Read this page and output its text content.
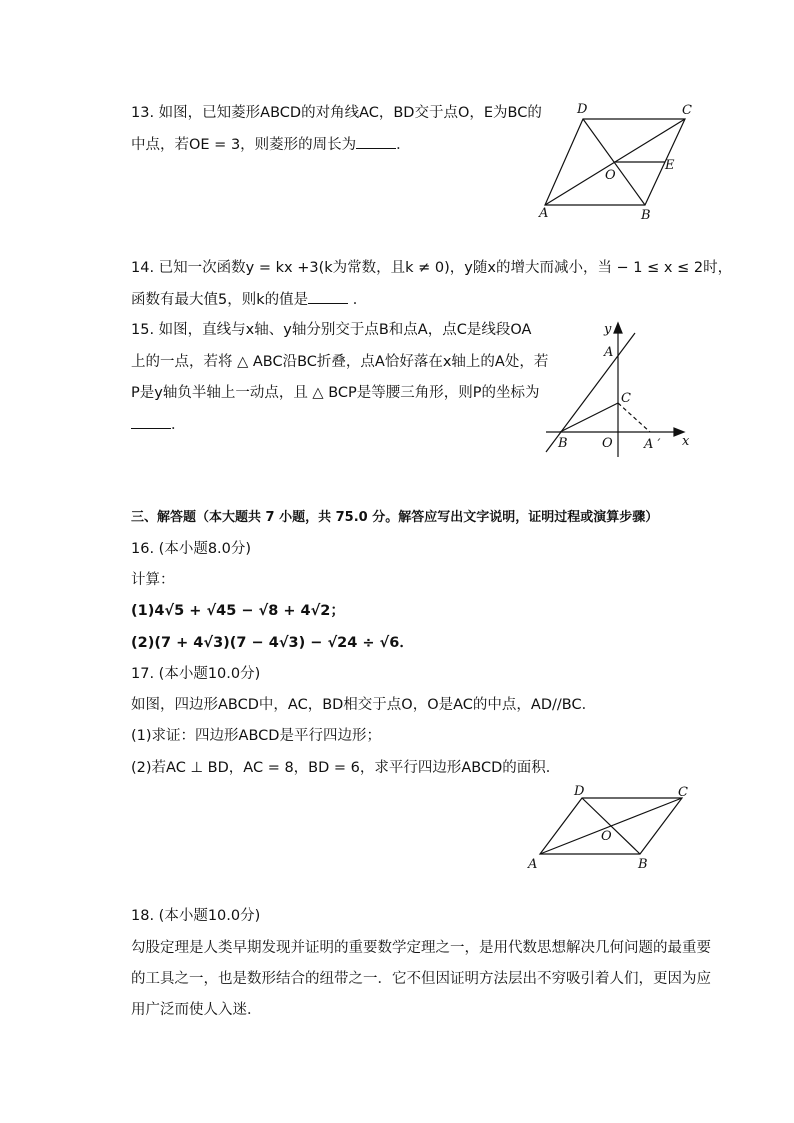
13. 如图，已知菱形ABCD的对角线AC，BD交于点O，E为BC的
中点，若OE = 3，则菱形的周长为	．
D	C
E
O
A	B
14. 已知一次函数y = kx +3(k为常数，且k ≠ 0)，y随x的增大而减小，当 − 1 ≤ x ≤ 2时，
函数有最大值5，则k的值是	．
15. 如图，直线与x轴、y轴分别交于点B和点A，点C是线段OA
上的一点，若将 △ ABC沿BC折叠，点A恰好落在x轴上的A处，若
P是y轴负半轴上一动点，且 △ BCP是等腰三角形，则P的坐标为
．
y
A
C
B	O A ′ x
三、解答题（本大题共 7 小题，共 75.0 分。解答应写出文字说明，证明过程或演算步骤）
16. (本小题8.0分)
计算：
(1)4√5 + √45 − √8 + 4√2；
(2)(7 + 4√3)(7 − 4√3) − √24 ÷ √6．
17. (本小题10.0分)
如图，四边形ABCD中，AC，BD相交于点O，O是AC的中点，AD//BC．
(1)求证：四边形ABCD是平行四边形；
(2)若AC ⊥ BD，AC = 8，BD = 6，求平行四边形ABCD的面积．
D	C
O
A	B
18. (本小题10.0分)
勾股定理是人类早期发现并证明的重要数学定理之一，是用代数思想解决几何问题的最重要
的工具之一，也是数形结合的纽带之一．它不但因证明方法层出不穷吸引着人们，更因为应
用广泛而使人入迷．
